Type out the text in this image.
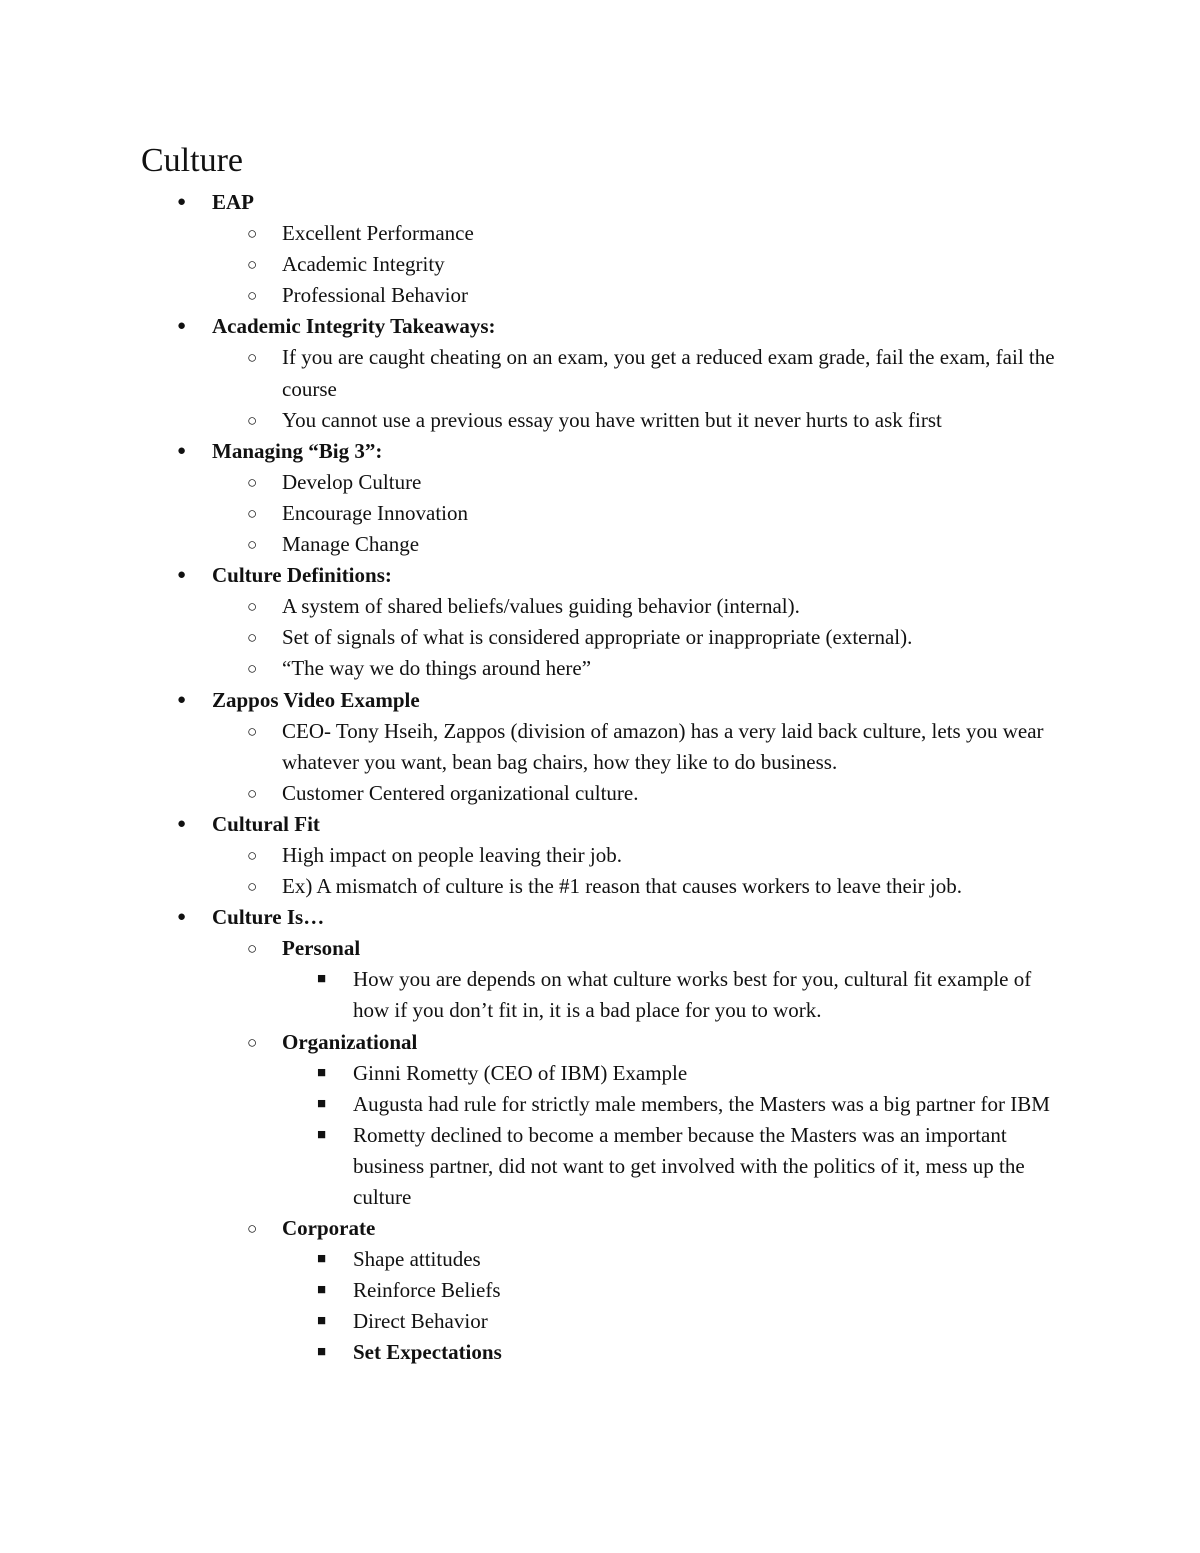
Culture
● EAP
○ Excellent Performance
○ Academic Integrity
○ Professional Behavior
● Academic Integrity Takeaways:
○ If you are caught cheating on an exam, you get a reduced exam grade, fail the exam, fail the course
○ You cannot use a previous essay you have written but it never hurts to ask first
● Managing “Big 3”:
○ Develop Culture
○ Encourage Innovation
○ Manage Change
● Culture Definitions:
○ A system of shared beliefs/values guiding behavior (internal).
○ Set of signals of what is considered appropriate or inappropriate (external).
○ “The way we do things around here”
● Zappos Video Example
○ CEO- Tony Hseih, Zappos (division of amazon) has a very laid back culture, lets you wear whatever you want, bean bag chairs, how they like to do business.
○ Customer Centered organizational culture.
● Cultural Fit
○ High impact on people leaving their job.
○ Ex) A mismatch of culture is the #1 reason that causes workers to leave their job.
● Culture Is…
○ Personal
■ How you are depends on what culture works best for you, cultural fit example of how if you don’t fit in, it is a bad place for you to work.
○ Organizational
■ Ginni Rometty (CEO of IBM) Example
■ Augusta had rule for strictly male members, the Masters was a big partner for IBM
■ Rometty declined to become a member because the Masters was an important business partner, did not want to get involved with the politics of it, mess up the culture
○ Corporate
■ Shape attitudes
■ Reinforce Beliefs
■ Direct Behavior
■ Set Expectations
